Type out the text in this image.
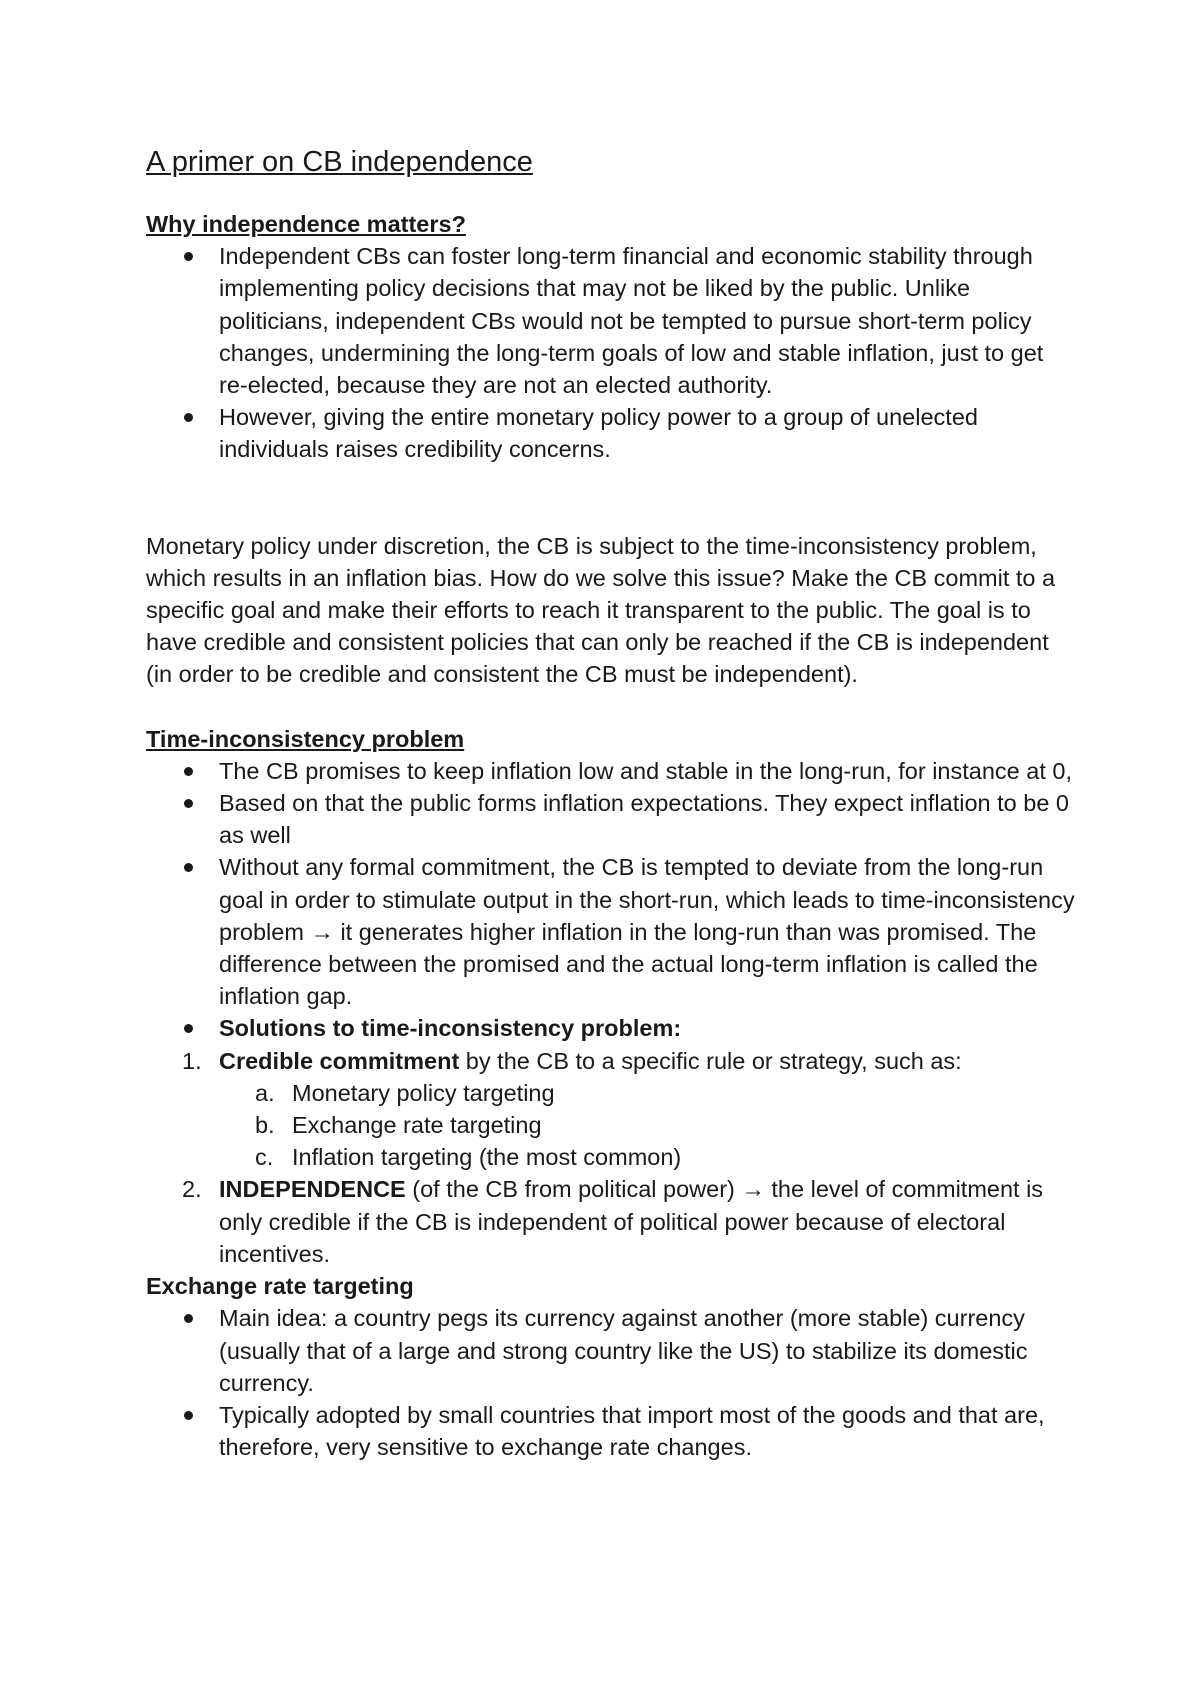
A primer on CB independence
Why independence matters?
Independent CBs can foster long-term financial and economic stability through implementing policy decisions that may not be liked by the public. Unlike politicians, independent CBs would not be tempted to pursue short-term policy changes, undermining the long-term goals of low and stable inflation, just to get re-elected, because they are not an elected authority.
However, giving the entire monetary policy power to a group of unelected individuals raises credibility concerns.

Monetary policy under discretion, the CB is subject to the time-inconsistency problem, which results in an inflation bias. How do we solve this issue? Make the CB commit to a specific goal and make their efforts to reach it transparent to the public. The goal is to have credible and consistent policies that can only be reached if the CB is independent (in order to be credible and consistent the CB must be independent).

Time-inconsistency problem
The CB promises to keep inflation low and stable in the long-run, for instance at 0,
Based on that the public forms inflation expectations. They expect inflation to be 0 as well
Without any formal commitment, the CB is tempted to deviate from the long-run goal in order to stimulate output in the short-run, which leads to time-inconsistency problem → it generates higher inflation in the long-run than was promised. The difference between the promised and the actual long-term inflation is called the inflation gap.
Solutions to time-inconsistency problem:
1. Credible commitment by the CB to a specific rule or strategy, such as:
a. Monetary policy targeting
b. Exchange rate targeting
c. Inflation targeting (the most common)
2. INDEPENDENCE (of the CB from political power) → the level of commitment is only credible if the CB is independent of political power because of electoral incentives.
Exchange rate targeting
Main idea: a country pegs its currency against another (more stable) currency (usually that of a large and strong country like the US) to stabilize its domestic currency.
Typically adopted by small countries that import most of the goods and that are, therefore, very sensitive to exchange rate changes.
